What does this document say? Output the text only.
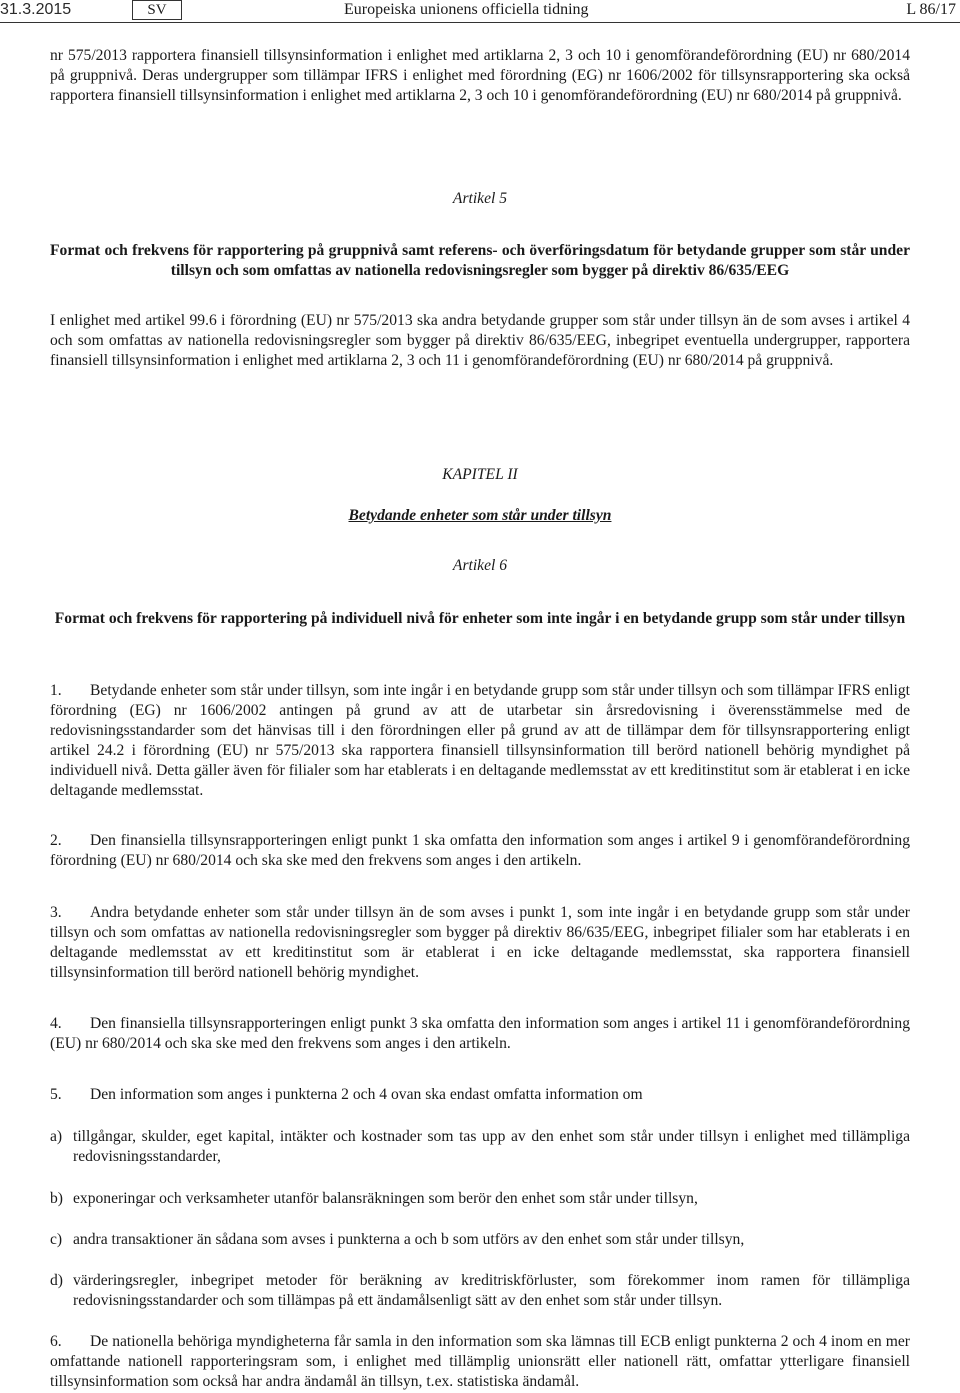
31.3.2015	SV	Europeiska unionens officiella tidning	L 86/17

nr 575/2013 rapportera finansiell tillsynsinformation i enlighet med artiklarna 2, 3 och 10 i genomförandeförordning (EU) nr 680/2014 på gruppnivå. Deras undergrupper som tillämpar IFRS i enlighet med förordning (EG) nr 1606/2002 för tillsynsrapportering ska också rapportera finansiell tillsynsinformation i enlighet med artiklarna 2, 3 och 10 i genomförandeförordning (EU) nr 680/2014 på gruppnivå.

Artikel 5

Format och frekvens för rapportering på gruppnivå samt referens- och överföringsdatum för betydande grupper som står under tillsyn och som omfattas av nationella redovisningsregler som bygger på direktiv 86/635/EEG

I enlighet med artikel 99.6 i förordning (EU) nr 575/2013 ska andra betydande grupper som står under tillsyn än de som avses i artikel 4 och som omfattas av nationella redovisningsregler som bygger på direktiv 86/635/EEG, inbegripet eventuella undergrupper, rapportera finansiell tillsynsinformation i enlighet med artiklarna 2, 3 och 11 i genomförandeförordning (EU) nr 680/2014 på gruppnivå.

KAPITEL II

Betydande enheter som står under tillsyn

Artikel 6

Format och frekvens för rapportering på individuell nivå för enheter som inte ingår i en betydande grupp som står under tillsyn

1. Betydande enheter som står under tillsyn, som inte ingår i en betydande grupp som står under tillsyn och som tillämpar IFRS enligt förordning (EG) nr 1606/2002 antingen på grund av att de utarbetar sin årsredovisning i överensstämmelse med de redovisningsstandarder som det hänvisas till i den förordningen eller på grund av att de tillämpar dem för tillsynsrapportering enligt artikel 24.2 i förordning (EU) nr 575/2013 ska rapportera finansiell tillsynsinformation till berörd nationell behörig myndighet på individuell nivå. Detta gäller även för filialer som har etablerats i en deltagande medlemsstat av ett kreditinstitut som är etablerat i en icke deltagande medlemsstat.

2. Den finansiella tillsynsrapporteringen enligt punkt 1 ska omfatta den information som anges i artikel 9 i genomförandeförordning förordning (EU) nr 680/2014 och ska ske med den frekvens som anges i den artikeln.

3. Andra betydande enheter som står under tillsyn än de som avses i punkt 1, som inte ingår i en betydande grupp som står under tillsyn och som omfattas av nationella redovisningsregler som bygger på direktiv 86/635/EEG, inbegripet filialer som har etablerats i en deltagande medlemsstat av ett kreditinstitut som är etablerat i en icke deltagande medlemsstat, ska rapportera finansiell tillsynsinformation till berörd nationell behörig myndighet.

4. Den finansiella tillsynsrapporteringen enligt punkt 3 ska omfatta den information som anges i artikel 11 i genomförandeförordning (EU) nr 680/2014 och ska ske med den frekvens som anges i den artikeln.

5. Den information som anges i punkterna 2 och 4 ovan ska endast omfatta information om

a) tillgångar, skulder, eget kapital, intäkter och kostnader som tas upp av den enhet som står under tillsyn i enlighet med tillämpliga redovisningsstandarder,

b) exponeringar och verksamheter utanför balansräkningen som berör den enhet som står under tillsyn,

c) andra transaktioner än sådana som avses i punkterna a och b som utförs av den enhet som står under tillsyn,

d) värderingsregler, inbegripet metoder för beräkning av kreditriskförluster, som förekommer inom ramen för tillämpliga redovisningsstandarder och som tillämpas på ett ändamålsenligt sätt av den enhet som står under tillsyn.

6. De nationella behöriga myndigheterna får samla in den information som ska lämnas till ECB enligt punkterna 2 och 4 inom en mer omfattande nationell rapporteringsram som, i enlighet med tillämplig unionsrätt eller nationell rätt, omfattar ytterligare finansiell tillsynsinformation som också har andra ändamål än tillsyn, t.ex. statistiska ändamål.
